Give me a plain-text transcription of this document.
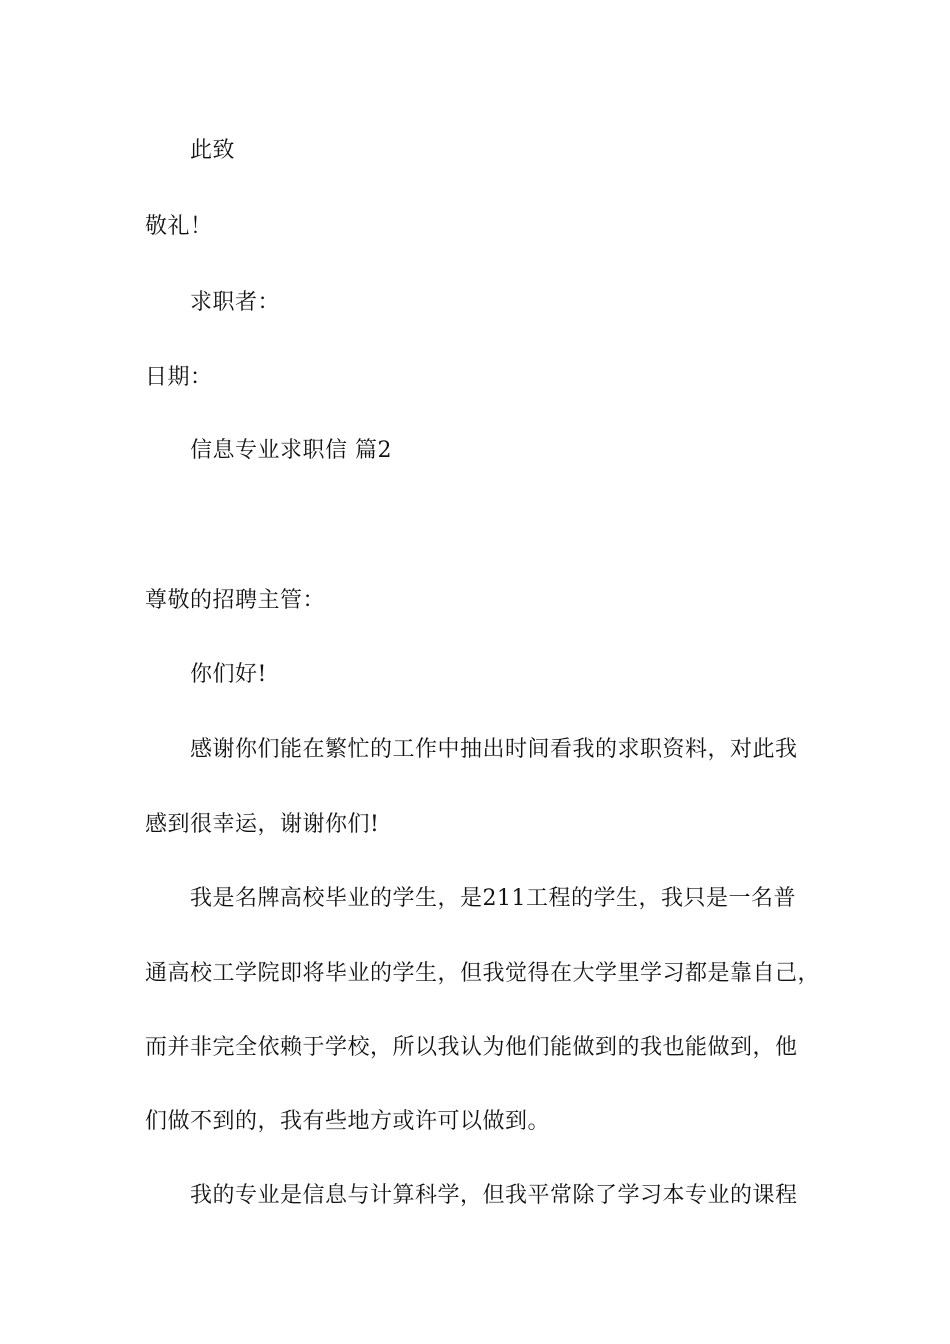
此致
敬礼！
求职者：
日期：
信息专业求职信 篇2
尊敬的招聘主管：
你们好!
感谢你们能在繁忙的工作中抽出时间看我的求职资料，对此我
感到很幸运，谢谢你们!
我是名牌高校毕业的学生，是211工程的学生，我只是一名普
通高校工学院即将毕业的学生，但我觉得在大学里学习都是靠自己，
而并非完全依赖于学校，所以我认为他们能做到的我也能做到，他
们做不到的，我有些地方或许可以做到。
我的专业是信息与计算科学，但我平常除了学习本专业的课程
